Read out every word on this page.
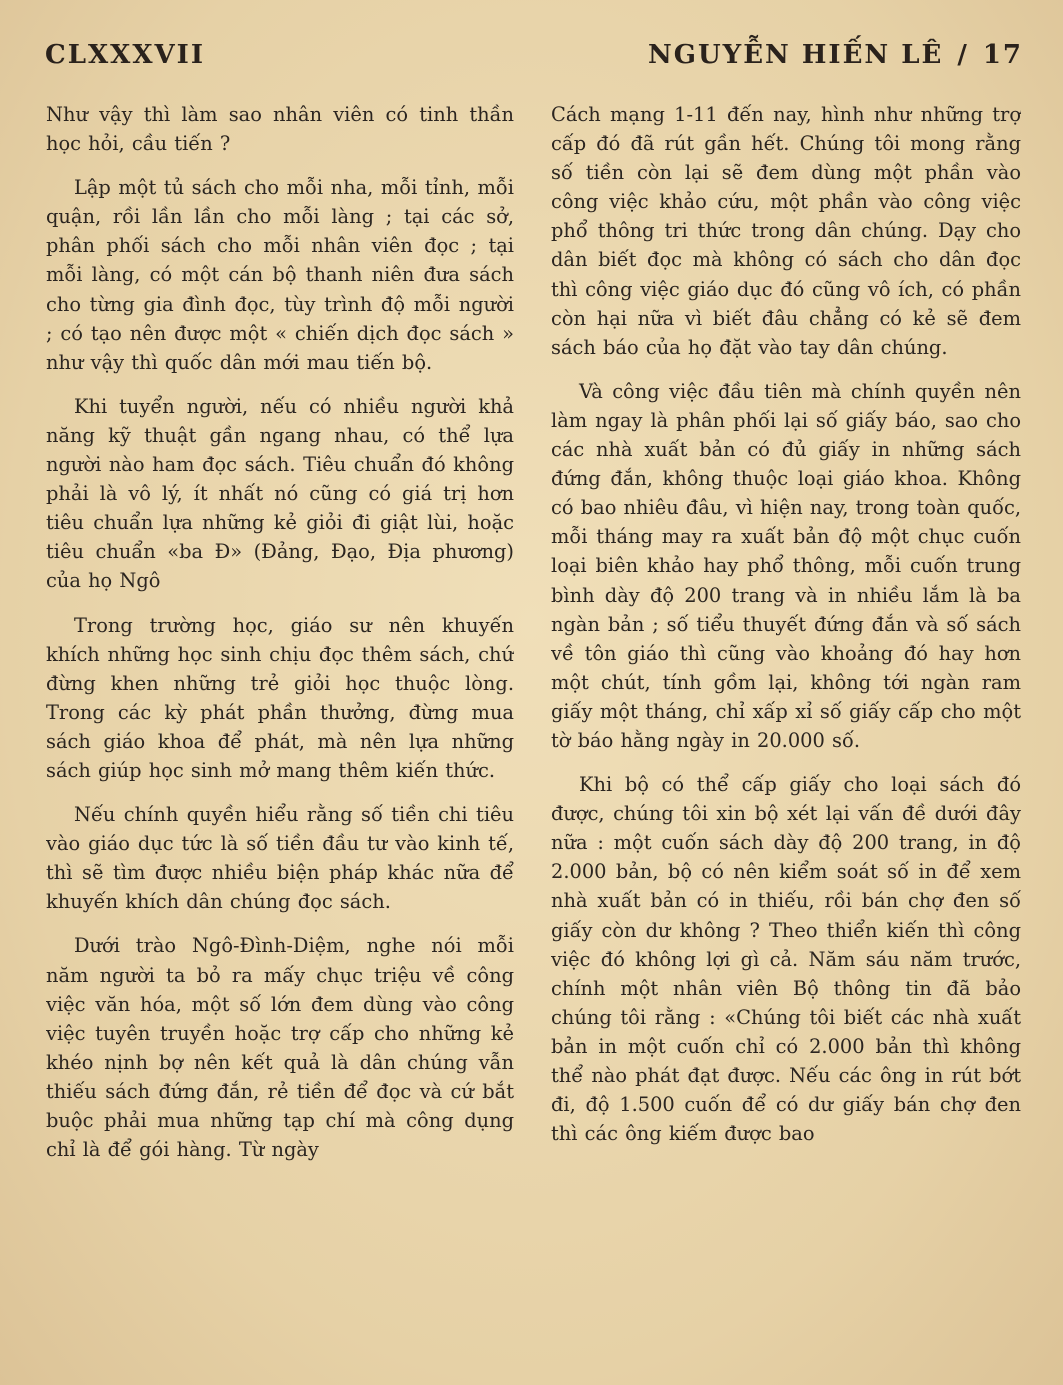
CLXXXVII	NGUYỄN HIẾN LÊ / 17

Như vậy thì làm sao nhân viên có tinh thần học hỏi, cầu tiến ?

Lập một tủ sách cho mỗi nha, mỗi tỉnh, mỗi quận, rồi lần lần cho mỗi làng ; tại các sở, phân phối sách cho mỗi nhân viên đọc ; tại mỗi làng, có một cán bộ thanh niên đưa sách cho từng gia đình đọc, tùy trình độ mỗi người ; có tạo nên được một « chiến dịch đọc sách » như vậy thì quốc dân mới mau tiến bộ.

Khi tuyển người, nếu có nhiều người khả năng kỹ thuật gần ngang nhau, có thể lựa người nào ham đọc sách. Tiêu chuẩn đó không phải là vô lý, ít nhất nó cũng có giá trị hơn tiêu chuẩn lựa những kẻ giỏi đi giật lùi, hoặc tiêu chuẩn «ba Đ» (Đảng, Đạo, Địa phương) của họ Ngô

Trong trường học, giáo sư nên khuyến khích những học sinh chịu đọc thêm sách, chứ đừng khen những trẻ giỏi học thuộc lòng. Trong các kỳ phát phần thưởng, đừng mua sách giáo khoa để phát, mà nên lựa những sách giúp học sinh mở mang thêm kiến thức.

Nếu chính quyền hiểu rằng số tiền chi tiêu vào giáo dục tức là số tiền đầu tư vào kinh tế, thì sẽ tìm được nhiều biện pháp khác nữa để khuyến khích dân chúng đọc sách.

Dưới trào Ngô-Đình-Diệm, nghe nói mỗi năm người ta bỏ ra mấy chục triệu về công việc văn hóa, một số lớn đem dùng vào công việc tuyên truyền hoặc trợ cấp cho những kẻ khéo nịnh bợ nên kết quả là dân chúng vẫn thiếu sách đứng đắn, rẻ tiền để đọc và cứ bắt buộc phải mua những tạp chí mà công dụng chỉ là để gói hàng. Từ ngày

Cách mạng 1-11 đến nay, hình như những trợ cấp đó đã rút gần hết. Chúng tôi mong rằng số tiền còn lại sẽ đem dùng một phần vào công việc khảo cứu, một phần vào công việc phổ thông tri thức trong dân chúng. Dạy cho dân biết đọc mà không có sách cho dân đọc thì công việc giáo dục đó cũng vô ích, có phần còn hại nữa vì biết đâu chẳng có kẻ sẽ đem sách báo của họ đặt vào tay dân chúng.

Và công việc đầu tiên mà chính quyền nên làm ngay là phân phối lại số giấy báo, sao cho các nhà xuất bản có đủ giấy in những sách đứng đắn, không thuộc loại giáo khoa. Không có bao nhiêu đâu, vì hiện nay, trong toàn quốc, mỗi tháng may ra xuất bản độ một chục cuốn loại biên khảo hay phổ thông, mỗi cuốn trung bình dày độ 200 trang và in nhiều lắm là ba ngàn bản ; số tiểu thuyết đứng đắn và số sách về tôn giáo thì cũng vào khoảng đó hay hơn một chút, tính gồm lại, không tới ngàn ram giấy một tháng, chỉ xấp xỉ số giấy cấp cho một tờ báo hằng ngày in 20.000 số.

Khi bộ có thể cấp giấy cho loại sách đó được, chúng tôi xin bộ xét lại vấn đề dưới đây nữa : một cuốn sách dày độ 200 trang, in độ 2.000 bản, bộ có nên kiểm soát số in để xem nhà xuất bản có in thiếu, rồi bán chợ đen số giấy còn dư không ? Theo thiển kiến thì công việc đó không lợi gì cả. Năm sáu năm trước, chính một nhân viên Bộ thông tin đã bảo chúng tôi rằng : «Chúng tôi biết các nhà xuất bản in một cuốn chỉ có 2.000 bản thì không thể nào phát đạt được. Nếu các ông in rút bớt đi, độ 1.500 cuốn để có dư giấy bán chợ đen thì các ông kiếm được bao
